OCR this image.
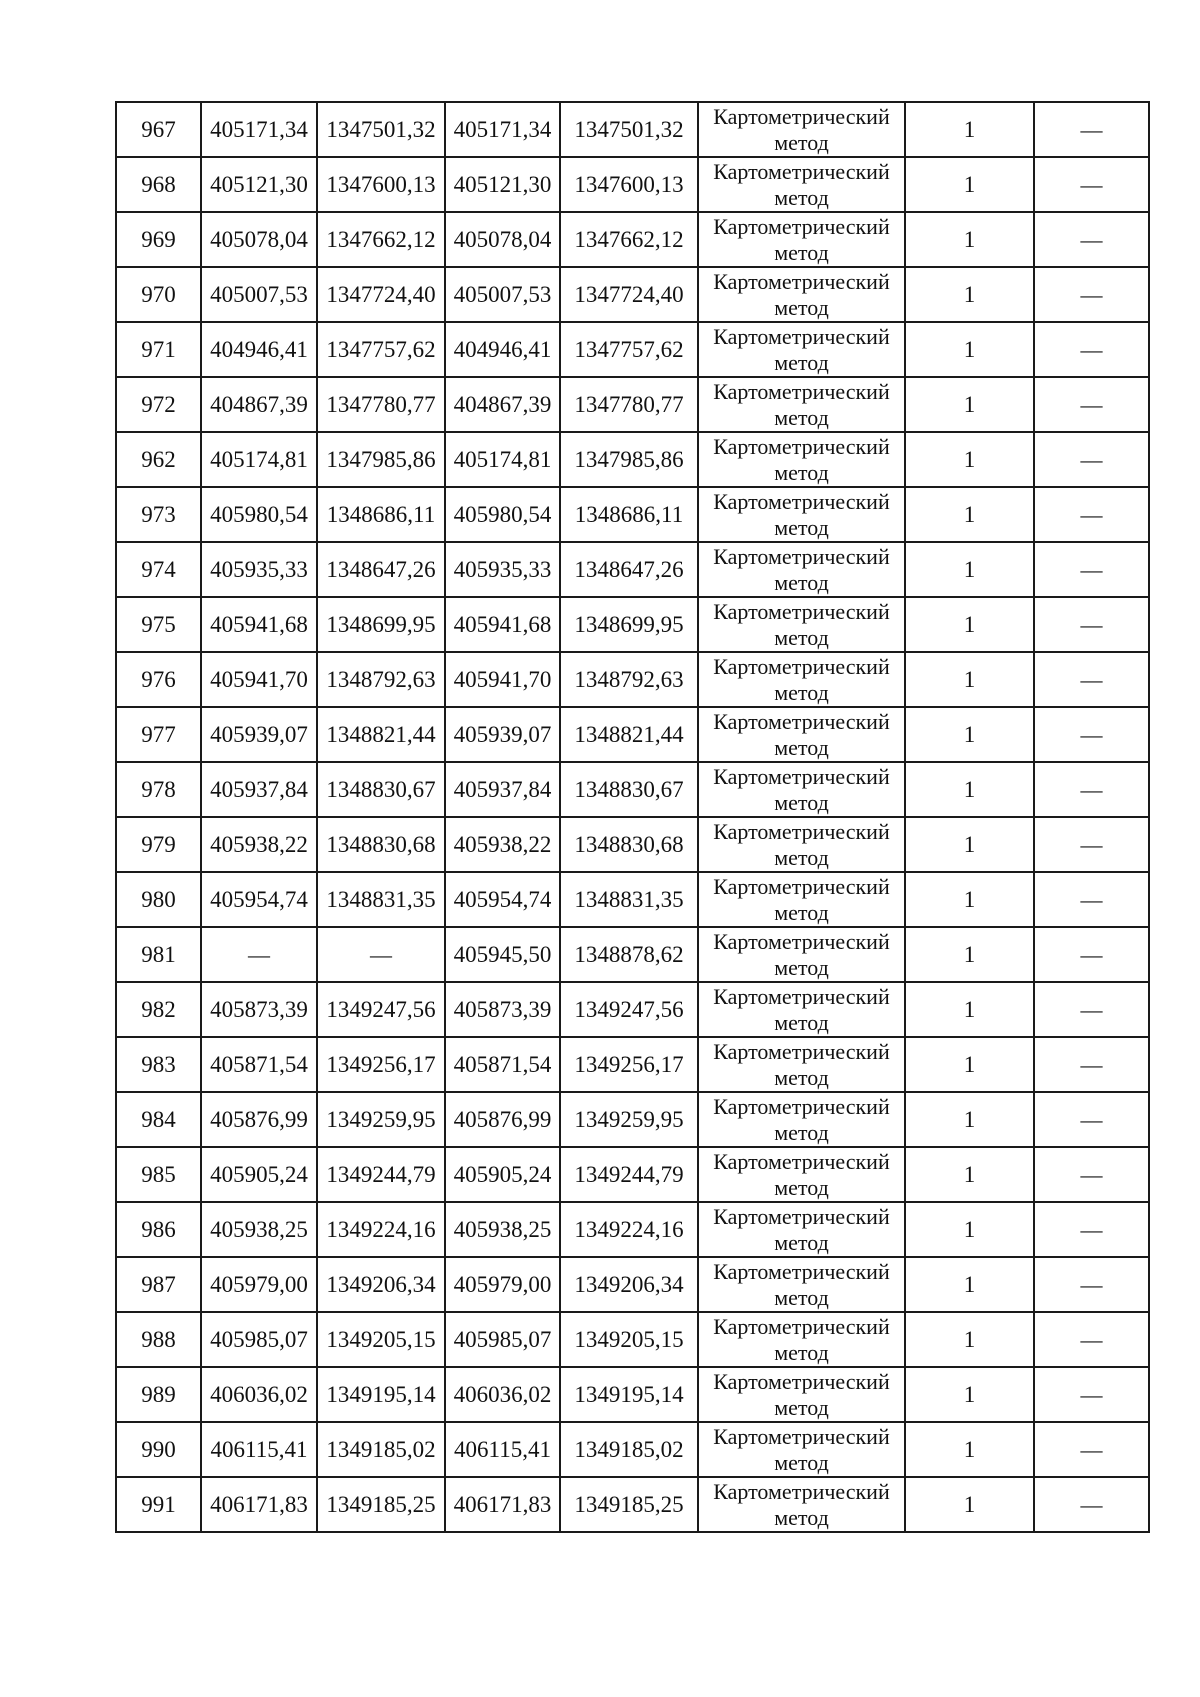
967	405171,34	1347501,32	405171,34	1347501,32	Картометрический
метод	1	—
968	405121,30	1347600,13	405121,30	1347600,13	Картометрический
метод	1	—
969	405078,04	1347662,12	405078,04	1347662,12	Картометрический
метод	1	—
970	405007,53	1347724,40	405007,53	1347724,40	Картометрический
метод	1	—
971	404946,41	1347757,62	404946,41	1347757,62	Картометрический
метод	1	—
972	404867,39	1347780,77	404867,39	1347780,77	Картометрический
метод	1	—
962	405174,81	1347985,86	405174,81	1347985,86	Картометрический
метод	1	—
973	405980,54	1348686,11	405980,54	1348686,11	Картометрический
метод	1	—
974	405935,33	1348647,26	405935,33	1348647,26	Картометрический
метод	1	—
975	405941,68	1348699,95	405941,68	1348699,95	Картометрический
метод	1	—
976	405941,70	1348792,63	405941,70	1348792,63	Картометрический
метод	1	—
977	405939,07	1348821,44	405939,07	1348821,44	Картометрический
метод	1	—
978	405937,84	1348830,67	405937,84	1348830,67	Картометрический
метод	1	—
979	405938,22	1348830,68	405938,22	1348830,68	Картометрический
метод	1	—
980	405954,74	1348831,35	405954,74	1348831,35	Картометрический
метод	1	—
981	—	—	405945,50	1348878,62	Картометрический
метод	1	—
982	405873,39	1349247,56	405873,39	1349247,56	Картометрический
метод	1	—
983	405871,54	1349256,17	405871,54	1349256,17	Картометрический
метод	1	—
984	405876,99	1349259,95	405876,99	1349259,95	Картометрический
метод	1	—
985	405905,24	1349244,79	405905,24	1349244,79	Картометрический
метод	1	—
986	405938,25	1349224,16	405938,25	1349224,16	Картометрический
метод	1	—
987	405979,00	1349206,34	405979,00	1349206,34	Картометрический
метод	1	—
988	405985,07	1349205,15	405985,07	1349205,15	Картометрический
метод	1	—
989	406036,02	1349195,14	406036,02	1349195,14	Картометрический
метод	1	—
990	406115,41	1349185,02	406115,41	1349185,02	Картометрический
метод	1	—
991	406171,83	1349185,25	406171,83	1349185,25	Картометрический
метод	1	—
